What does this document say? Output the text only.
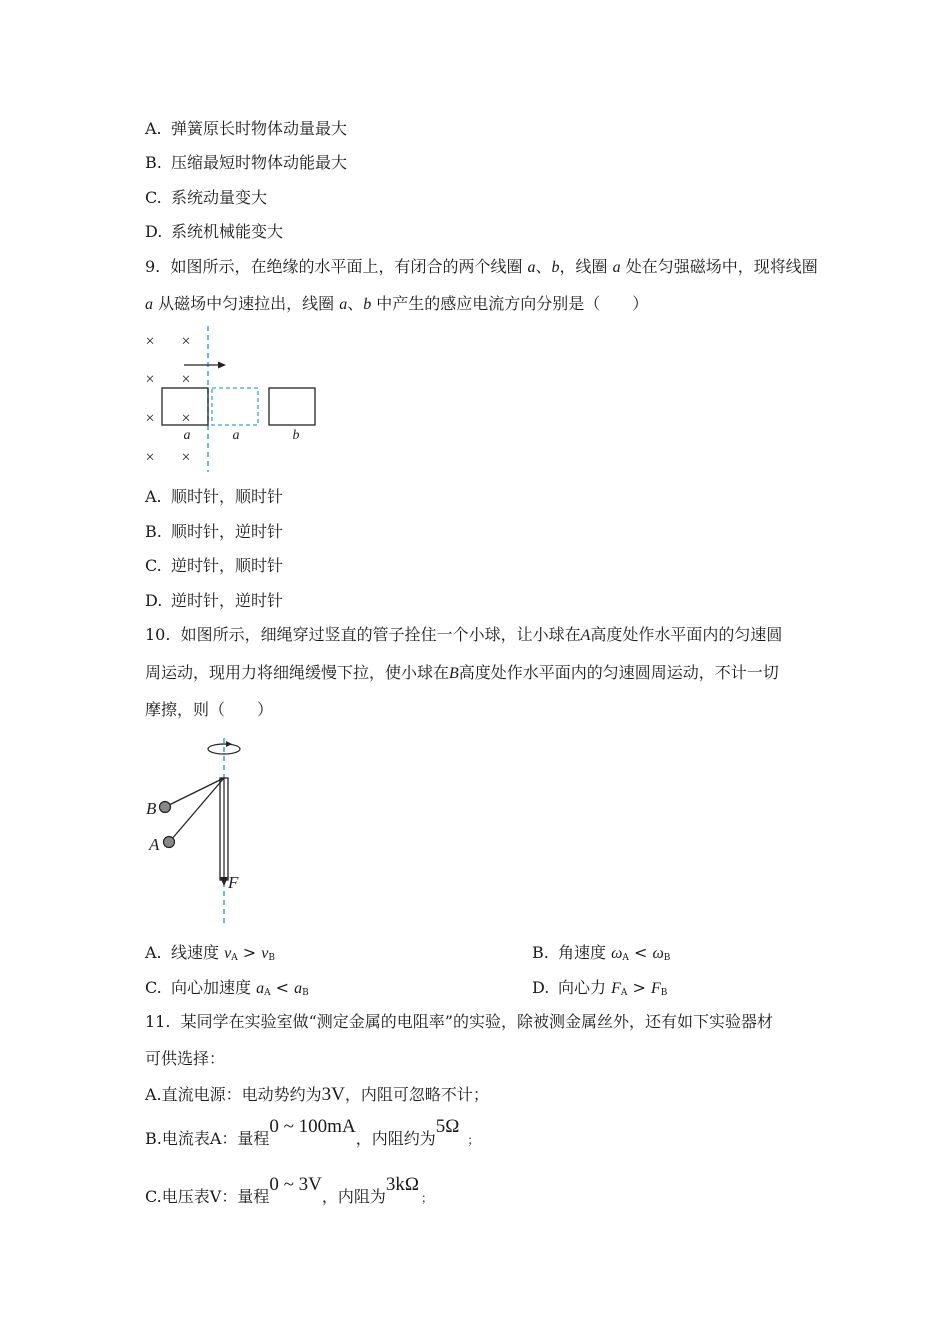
A. 弹簧原长时物体动量最大
B. 压缩最短时物体动能最大
C. 系统动量变大
D. 系统机械能变大
9. 如图所示，在绝缘的水平面上，有闭合的两个线圈 a、b，线圈 a 处在匀强磁场中，现将线圈
a 从磁场中匀速拉出，线圈 a、b 中产生的感应电流方向分别是（　　）
× ×
× ×
× ×
× ×
a	a	b
A. 顺时针，顺时针
B. 顺时针，逆时针
C. 逆时针，顺时针
D. 逆时针，逆时针
10. 如图所示，细绳穿过竖直的管子拴住一个小球，让小球在A高度处作水平面内的匀速圆
周运动，现用力将细绳缓慢下拉，使小球在B高度处作水平面内的匀速圆周运动，不计一切
摩擦，则（　　）
B
A
F
A. 线速度 $v_A > v_B$	B. 角速度 $\omega_A < \omega_B$
C. 向心加速度 $a_A < a_B$	D. 向心力 $F_A > F_B$
11. 某同学在实验室做“测定金属的电阻率”的实验，除被测金属丝外，还有如下实验器材
可供选择：
A.直流电源：电动势约为3V，内阻可忽略不计；
B.电流表A：量程0 ~ 100mA，内阻约为5Ω；
C.电压表V：量程0 ~ 3V，内阻为3kΩ；
